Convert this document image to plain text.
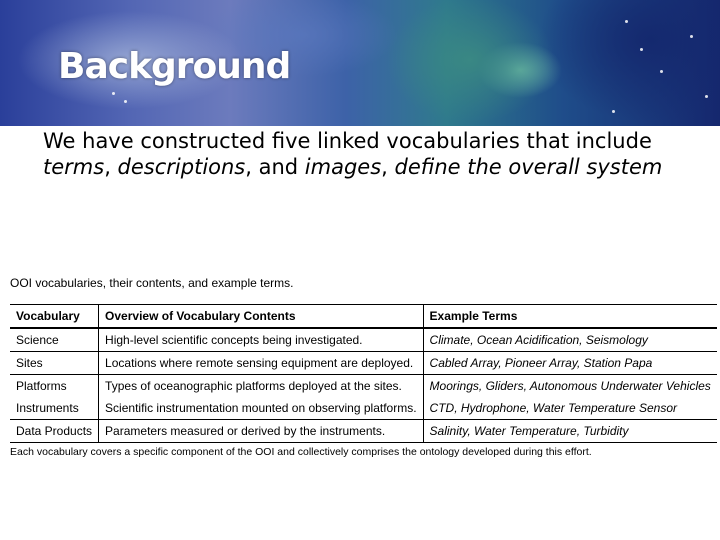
Background

We have constructed five linked vocabularies that include terms, descriptions, and images, define the overall system

OOI vocabularies, their contents, and example terms.

Vocabulary	Overview of Vocabulary Contents	Example Terms
Science	High-level scientific concepts being investigated.	Climate, Ocean Acidification, Seismology
Sites	Locations where remote sensing equipment are deployed.	Cabled Array, Pioneer Array, Station Papa
Platforms	Types of oceanographic platforms deployed at the sites.	Moorings, Gliders, Autonomous Underwater Vehicles
Instruments	Scientific instrumentation mounted on observing platforms.	CTD, Hydrophone, Water Temperature Sensor
Data Products	Parameters measured or derived by the instruments.	Salinity, Water Temperature, Turbidity

Each vocabulary covers a specific component of the OOI and collectively comprises the ontology developed during this effort.
